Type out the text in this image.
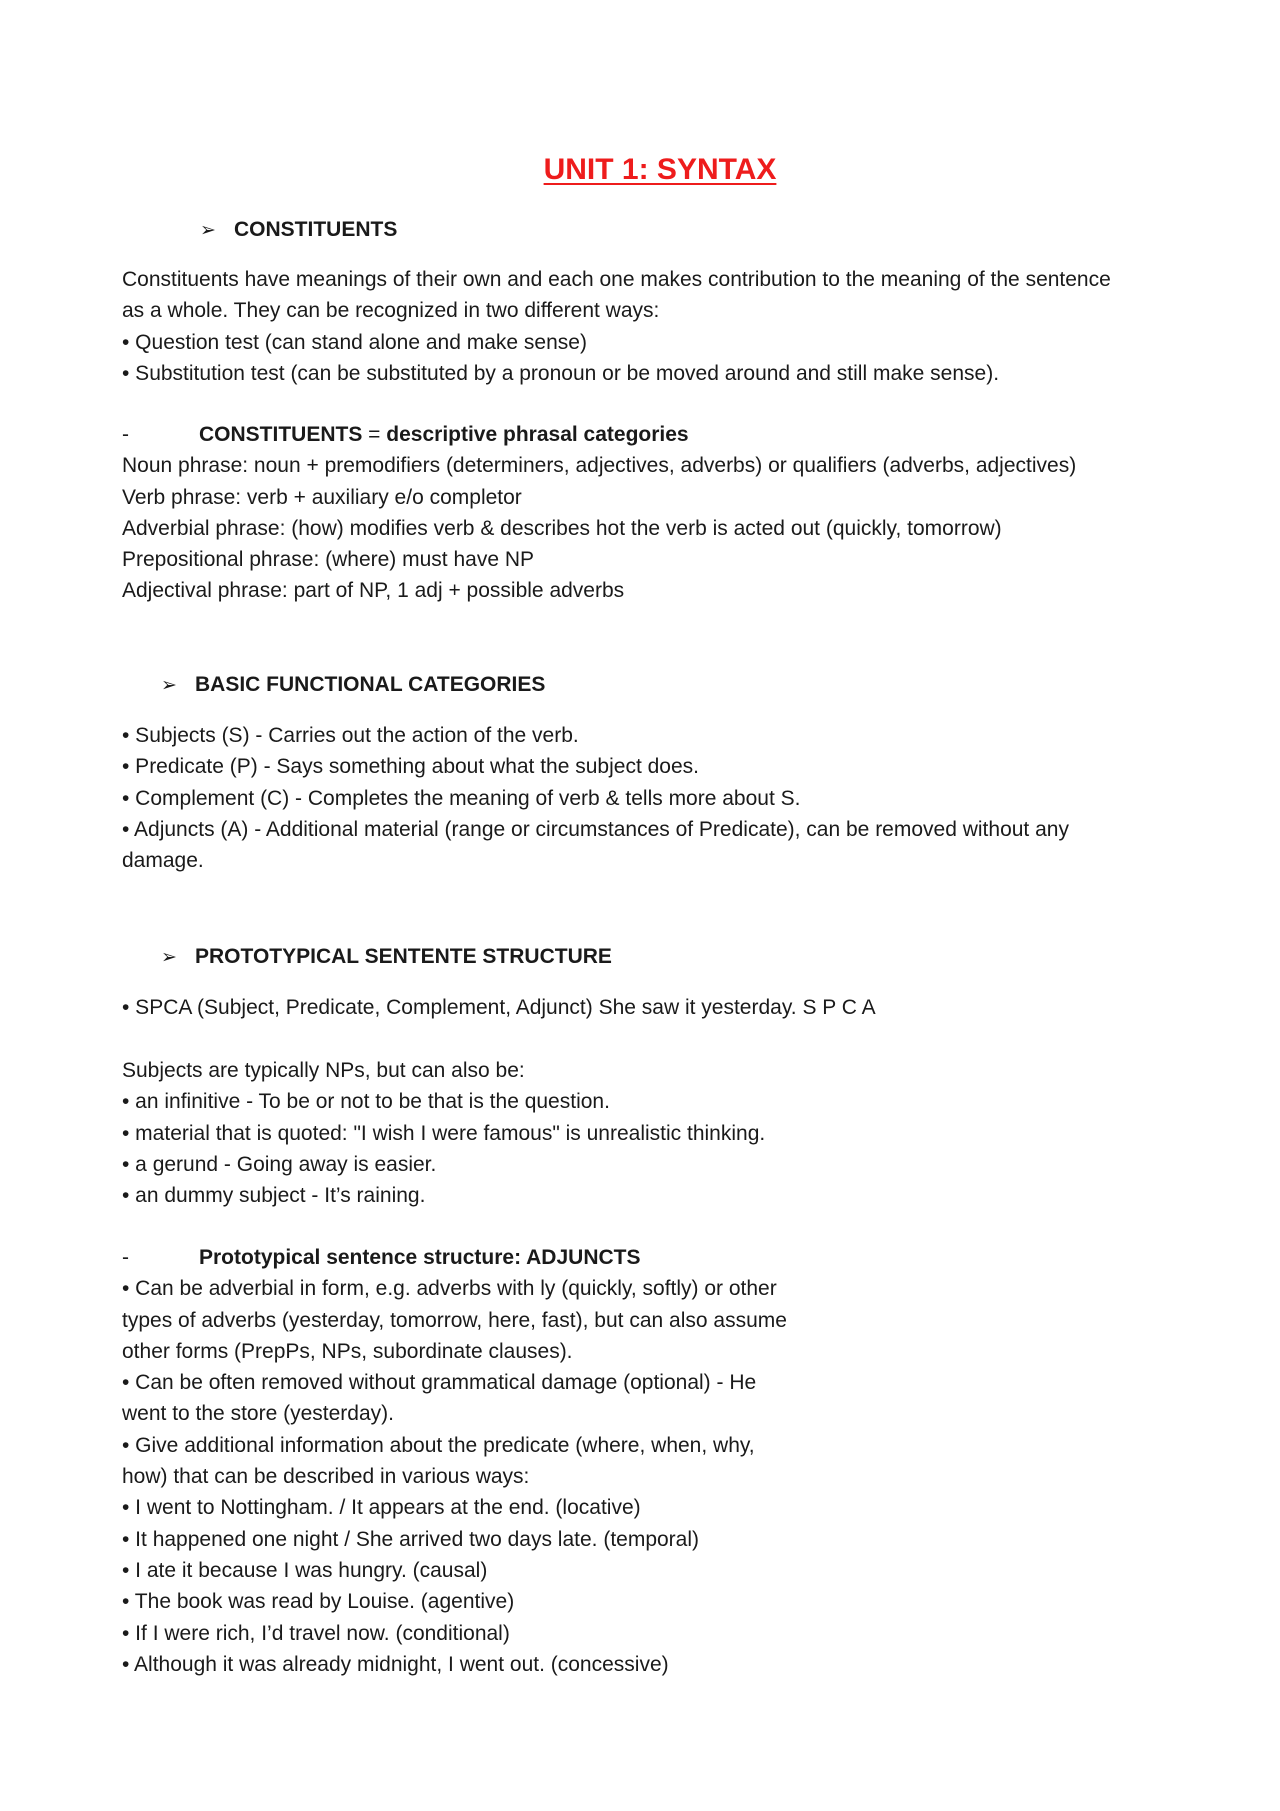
UNIT 1: SYNTAX
➢ CONSTITUENTS
Constituents have meanings of their own and each one makes contribution to the meaning of the sentence
as a whole. They can be recognized in two different ways:
• Question test (can stand alone and make sense)
• Substitution test (can be substituted by a pronoun or be moved around and still make sense).
-	CONSTITUENTS = descriptive phrasal categories
Noun phrase: noun + premodifiers (determiners, adjectives, adverbs) or qualifiers (adverbs, adjectives)
Verb phrase: verb + auxiliary e/o completor
Adverbial phrase: (how) modifies verb & describes hot the verb is acted out (quickly, tomorrow)
Prepositional phrase: (where) must have NP
Adjectival phrase: part of NP, 1 adj + possible adverbs
➢ BASIC FUNCTIONAL CATEGORIES
• Subjects (S) - Carries out the action of the verb.
• Predicate (P) - Says something about what the subject does.
• Complement (C) - Completes the meaning of verb & tells more about S.
• Adjuncts (A) - Additional material (range or circumstances of Predicate), can be removed without any
damage.
➢ PROTOTYPICAL SENTENTE STRUCTURE
• SPCA (Subject, Predicate, Complement, Adjunct) She saw it yesterday. S P C A
Subjects are typically NPs, but can also be:
• an infinitive - To be or not to be that is the question.
• material that is quoted: "I wish I were famous" is unrealistic thinking.
• a gerund - Going away is easier.
• an dummy subject - It’s raining.
-	Prototypical sentence structure: ADJUNCTS
• Can be adverbial in form, e.g. adverbs with ly (quickly, softly) or other
types of adverbs (yesterday, tomorrow, here, fast), but can also assume
other forms (PrepPs, NPs, subordinate clauses).
• Can be often removed without grammatical damage (optional) - He
went to the store (yesterday).
• Give additional information about the predicate (where, when, why,
how) that can be described in various ways:
• I went to Nottingham. / It appears at the end. (locative)
• It happened one night / She arrived two days late. (temporal)
• I ate it because I was hungry. (causal)
• The book was read by Louise. (agentive)
• If I were rich, I’d travel now. (conditional)
• Although it was already midnight, I went out. (concessive)
